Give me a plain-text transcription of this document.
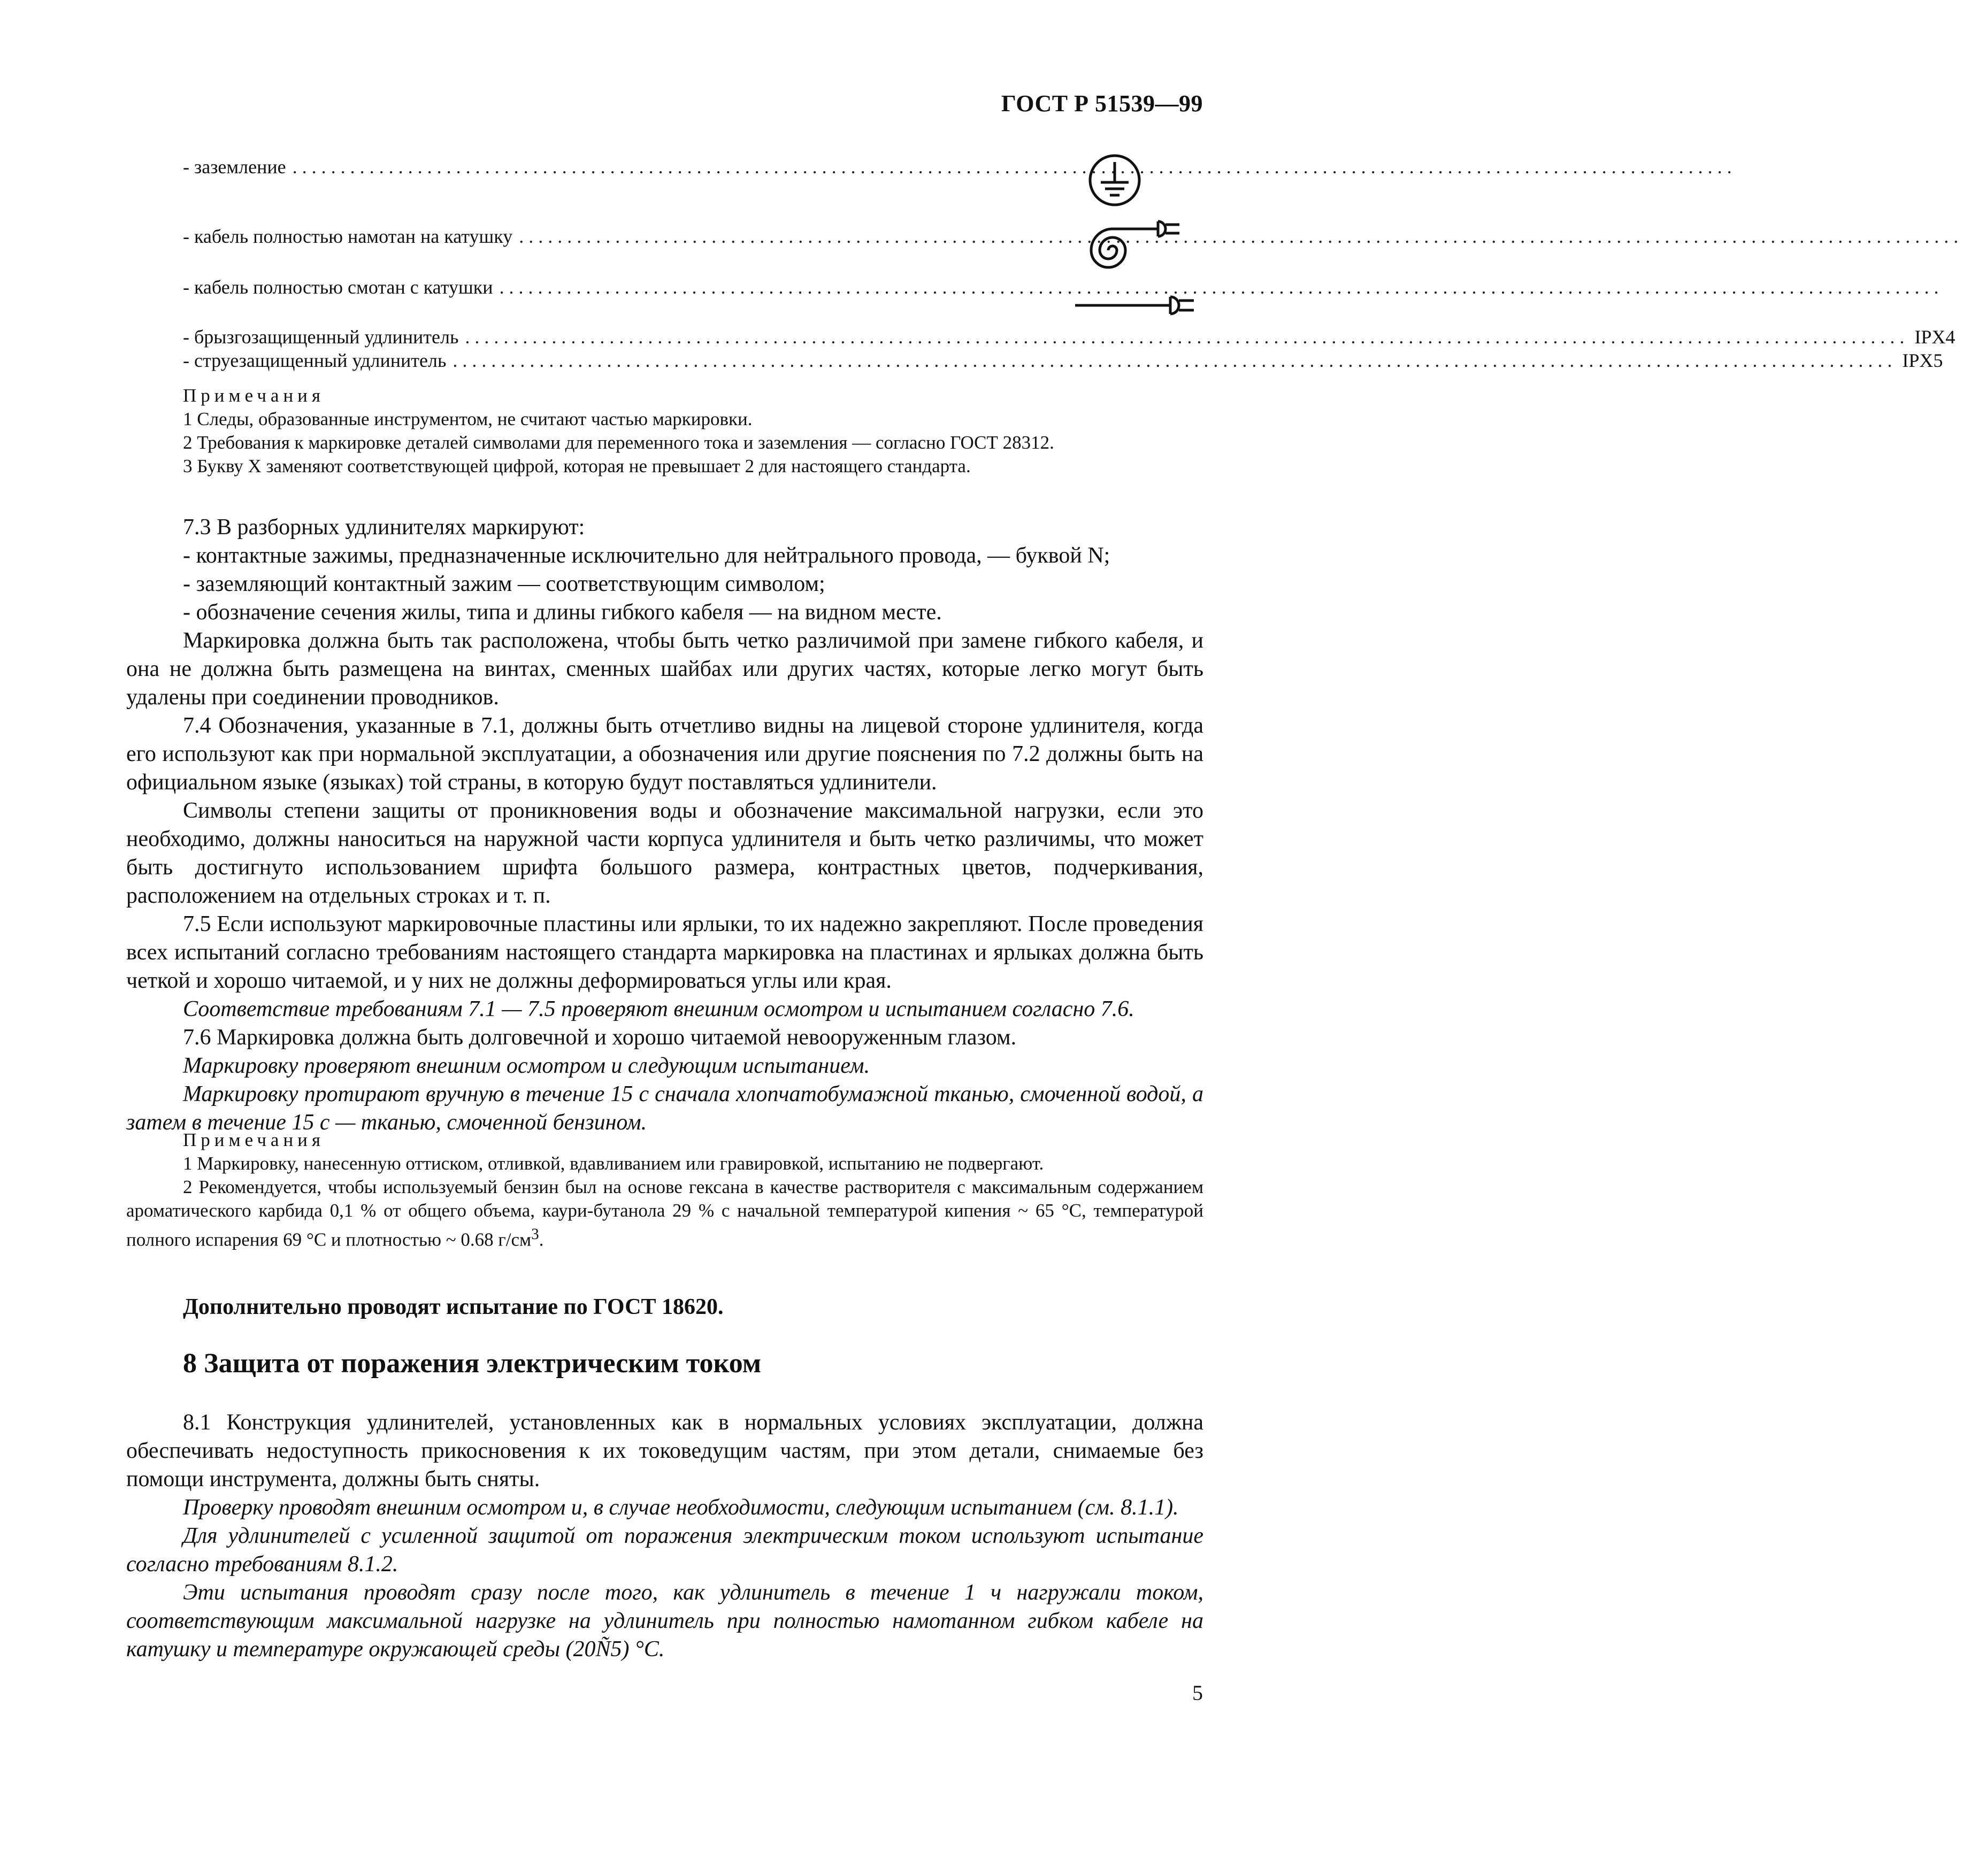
ГОСТ Р 51539—99
- заземление ......................................................................................................................................................
- кабель полностью намотан на катушку ......................................................................................................................................................
- кабель полностью смотан с катушки ......................................................................................................................................................
- брызгозащищенный удлинитель ...................................................................................................................................................... IPX4
- струезащищенный удлинитель ...................................................................................................................................................... IPX5

Примечания

1 Следы, образованные инструментом, не считают частью маркировки.

2 Требования к маркировке деталей символами для переменного тока и заземления — согласно ГОСТ 28312.

3 Букву X заменяют соответствующей цифрой, которая не превышает 2 для настоящего стандарта.

7.3 В разборных удлинителях маркируют:

- контактные зажимы, предназначенные исключительно для нейтрального провода, — буквой N;

- заземляющий контактный зажим — соответствующим символом;

- обозначение сечения жилы, типа и длины гибкого кабеля — на видном месте.

Маркировка должна быть так расположена, чтобы быть четко различимой при замене гибкого кабеля, и она не должна быть размещена на винтах, сменных шайбах или других частях, которые легко могут быть удалены при соединении проводников.

7.4 Обозначения, указанные в 7.1, должны быть отчетливо видны на лицевой стороне удлинителя, когда его используют как при нормальной эксплуатации, а обозначения или другие пояснения по 7.2 должны быть на официальном языке (языках) той страны, в которую будут поставляться удлинители.

Символы степени защиты от проникновения воды и обозначение максимальной нагрузки, если это необходимо, должны наноситься на наружной части корпуса удлинителя и быть четко различимы, что может быть достигнуто использованием шрифта большого размера, контрастных цветов, подчеркивания, расположением на отдельных строках и т. п.

7.5 Если используют маркировочные пластины или ярлыки, то их надежно закрепляют. После проведения всех испытаний согласно требованиям настоящего стандарта маркировка на пластинах и ярлыках должна быть четкой и хорошо читаемой, и у них не должны деформироваться углы или края.

Соответствие требованиям 7.1 — 7.5 проверяют внешним осмотром и испытанием согласно 7.6.

7.6 Маркировка должна быть долговечной и хорошо читаемой невооруженным глазом.

Маркировку проверяют внешним осмотром и следующим испытанием.

Маркировку протирают вручную в течение 15 с сначала хлопчатобумажной тканью, смоченной водой, а затем в течение 15 с — тканью, смоченной бензином.

Примечания

1 Маркировку, нанесенную оттиском, отливкой, вдавливанием или гравировкой, испытанию не подвергают.

2 Рекомендуется, чтобы используемый бензин был на основе гексана в качестве растворителя с максимальным содержанием ароматического карбида 0,1 % от общего объема, каури-бутанола 29 % с начальной температурой кипения ~ 65 °С, температурой полного испарения 69 °С и плотностью ~ 0.68 $г/см^3$.

Дополнительно проводят испытание по ГОСТ 18620.

8 Защита от поражения электрическим током

8.1 Конструкция удлинителей, установленных как в нормальных условиях эксплуатации, должна обеспечивать недоступность прикосновения к их токоведущим частям, при этом детали, снимаемые без помощи инструмента, должны быть сняты.

Проверку проводят внешним осмотром и, в случае необходимости, следующим испытанием (см. 8.1.1).

Для удлинителей с усиленной защитой от поражения электрическим током используют испытание согласно требованиям 8.1.2.

Эти испытания проводят сразу после того, как удлинитель в течение 1 ч нагружали током, соответствующим максимальной нагрузке на удлинитель при полностью намотанном гибком кабеле на катушку и температуре окружающей среды (20Ñ5) °С.

5
